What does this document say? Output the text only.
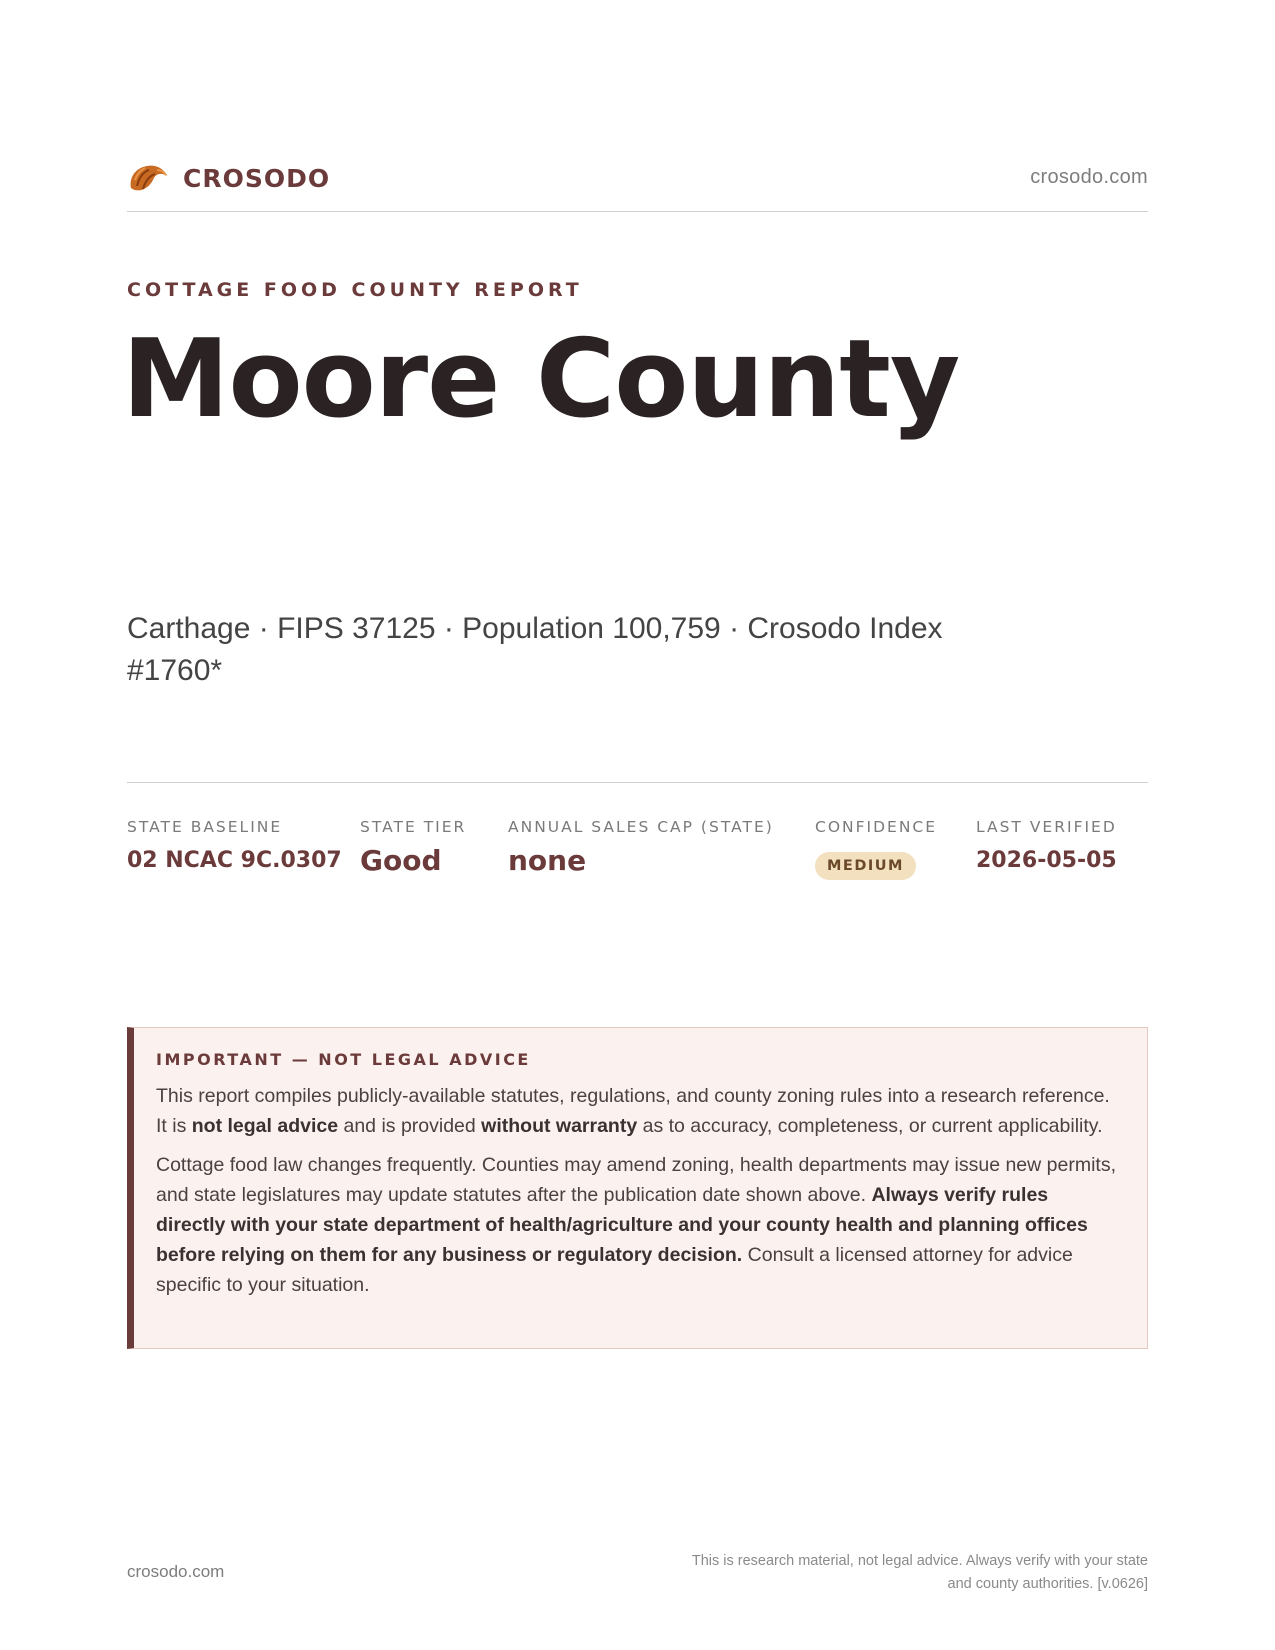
CROSODO	crosodo.com
COTTAGE FOOD COUNTY REPORT
Moore County
Carthage · FIPS 37125 · Population 100,759 · Crosodo Index #1760*
STATE BASELINE
02 NCAC 9C.0307
STATE TIER
Good
ANNUAL SALES CAP (STATE)
none
CONFIDENCE
MEDIUM
LAST VERIFIED
2026-05-05
IMPORTANT — NOT LEGAL ADVICE

This report compiles publicly-available statutes, regulations, and county zoning rules into a research reference. It is not legal advice and is provided without warranty as to accuracy, completeness, or current applicability.

Cottage food law changes frequently. Counties may amend zoning, health departments may issue new permits, and state legislatures may update statutes after the publication date shown above. Always verify rules directly with your state department of health/agriculture and your county health and planning offices before relying on them for any business or regulatory decision. Consult a licensed attorney for advice specific to your situation.

crosodo.com
This is research material, not legal advice. Always verify with your state
and county authorities. [v.0626]
